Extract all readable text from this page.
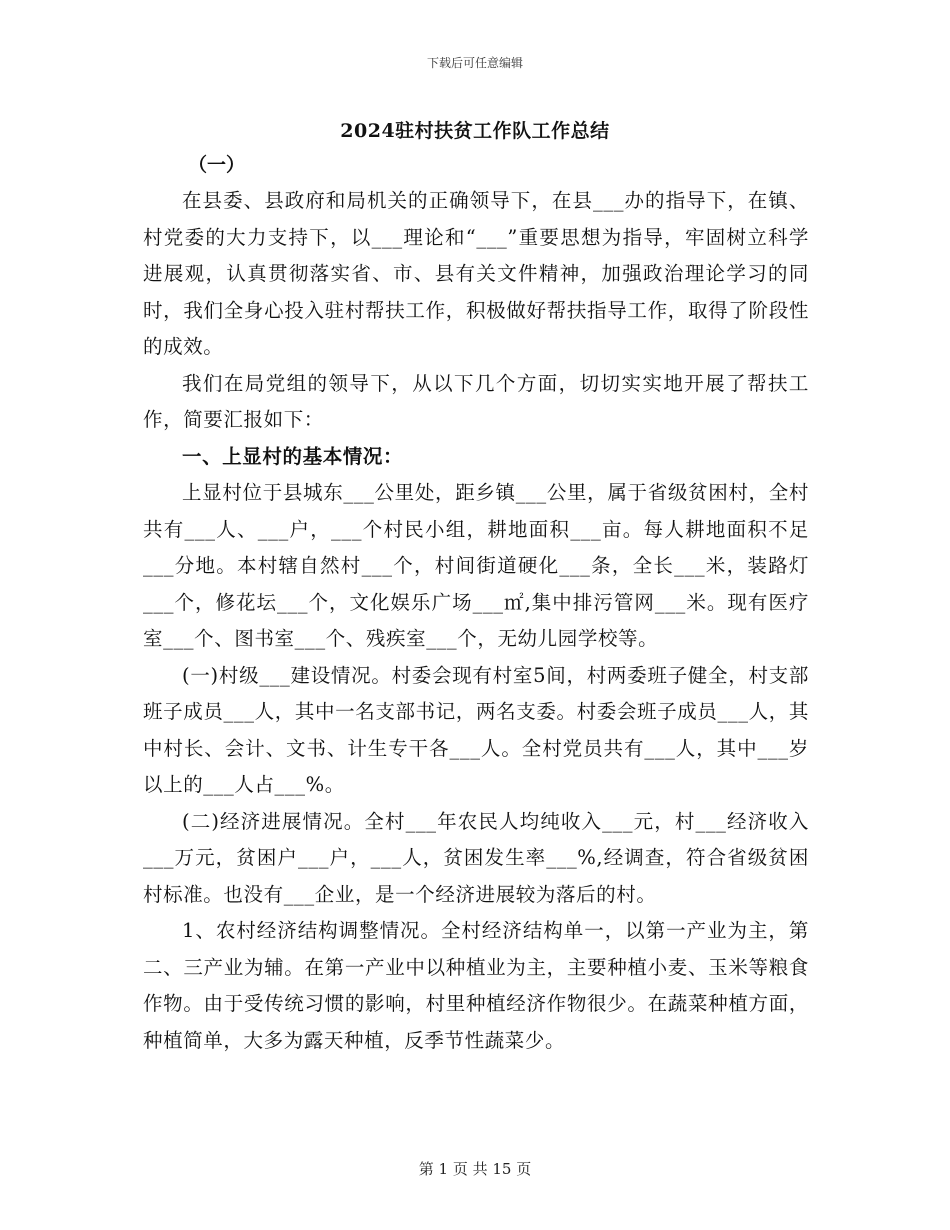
下载后可任意编辑
2024驻村扶贫工作队工作总结
（一）

在县委、县政府和局机关的正确领导下，在县___办的指导下，在镇、村党委的大力支持下，以___理论和“___”重要思想为指导，牢固树立科学进展观，认真贯彻落实省、市、县有关文件精神，加强政治理论学习的同时，我们全身心投入驻村帮扶工作，积极做好帮扶指导工作，取得了阶段性的成效。

我们在局党组的领导下，从以下几个方面，切切实实地开展了帮扶工作，简要汇报如下：

一、上显村的基本情况：

上显村位于县城东___公里处，距乡镇___公里，属于省级贫困村，全村共有___人、___户，___个村民小组，耕地面积___亩。每人耕地面积不足___分地。本村辖自然村___个，村间街道硬化___条，全长___米，装路灯___个，修花坛___个，文化娱乐广场___㎡,集中排污管网___米。现有医疗室___个、图书室___个、残疾室___个，无幼儿园学校等。

(一)村级___建设情况。村委会现有村室5间，村两委班子健全，村支部班子成员___人，其中一名支部书记，两名支委。村委会班子成员___人，其中村长、会计、文书、计生专干各___人。全村党员共有___人，其中___岁以上的___人占___%。

(二)经济进展情况。全村___年农民人均纯收入___元，村___经济收入___万元，贫困户___户，___人，贫困发生率___%,经调查，符合省级贫困村标准。也没有___企业，是一个经济进展较为落后的村。

1、农村经济结构调整情况。全村经济结构单一，以第一产业为主，第二、三产业为辅。在第一产业中以种植业为主，主要种植小麦、玉米等粮食作物。由于受传统习惯的影响，村里种植经济作物很少。在蔬菜种植方面，种植简单，大多为露天种植，反季节性蔬菜少。

第 1 页 共 15 页
